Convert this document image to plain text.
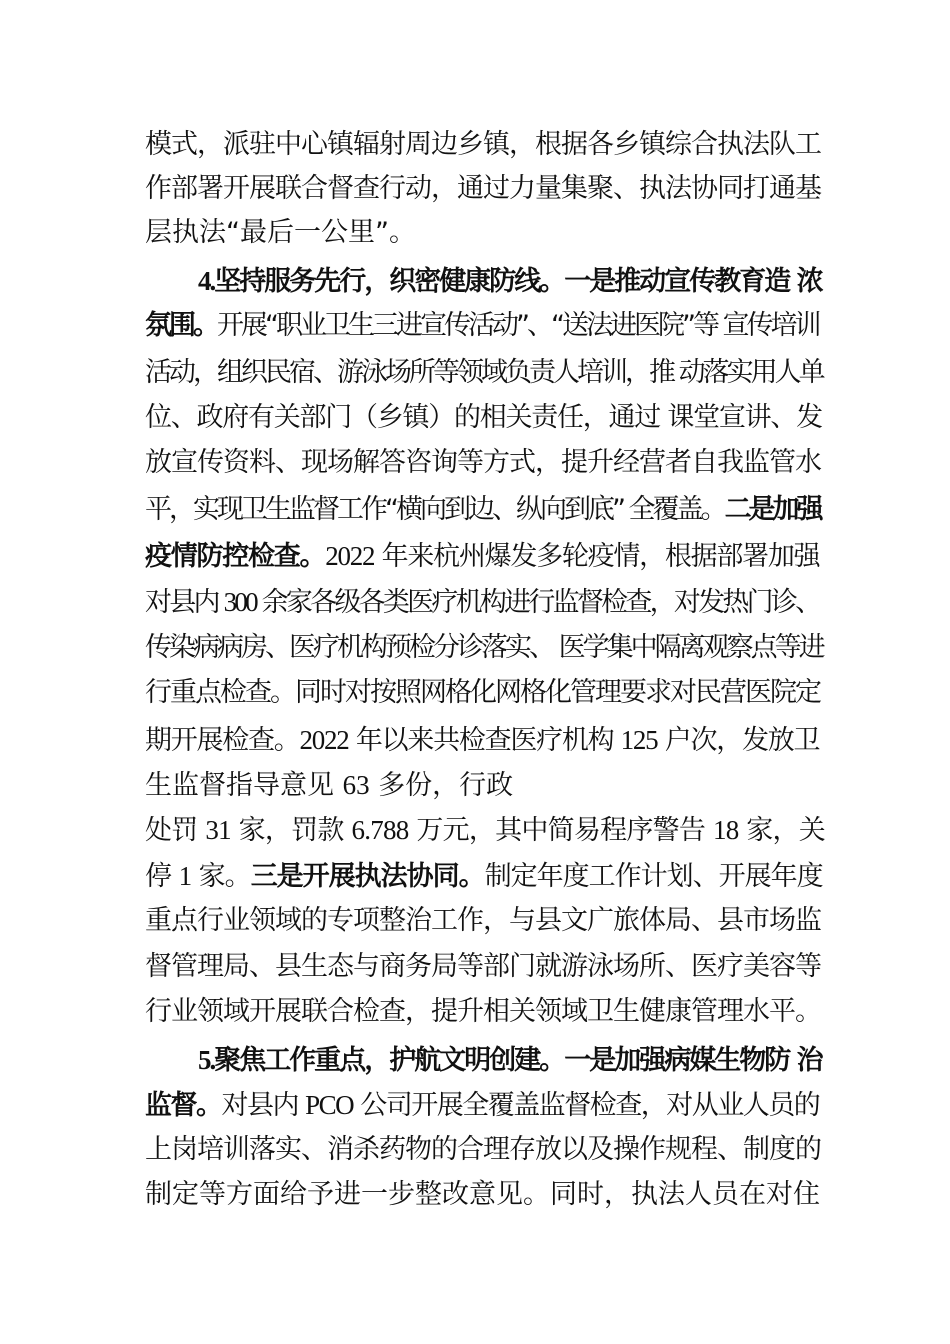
模式，派驻中心镇辐射周边乡镇，根据各乡镇综合执法队工
作部署开展联合督查行动，通过力量集聚、执法协同打通基
层执法“最后一公里”。
4.坚持服务先行，织密健康防线。一是推动宣传教育造 浓
氛围。开展“职业卫生三进宣传活动”、“送法进医院”等 宣传培训
活动，组织民宿、游泳场所等领域负责人培训，推 动落实用人单
位、政府有关部门（乡镇）的相关责任，通过 课堂宣讲、发
放宣传资料、现场解答咨询等方式，提升经营者自我监管水
平，实现卫生监督工作“横向到边、纵向到底” 全覆盖。二是加强
疫情防控检查。2022 年来杭州爆发多轮疫情，根据部署加强
对县内 300 余家各级各类医疗机构进行监督检查，对发热门诊、
传染病病房、医疗机构预检分诊落实、 医学集中隔离观察点等进
行重点检查。同时对按照网格化网格化管理要求对民营医院定
期开展检查。2022 年以来共检查医疗机构 125 户次，发放卫
生监督指导意见 63 多份，行政
处罚 31 家，罚款 6.788 万元，其中简易程序警告 18 家，关
停 1 家。三是开展执法协同。制定年度工作计划、开展年度
重点行业领域的专项整治工作，与县文广旅体局、县市场监
督管理局、县生态与商务局等部门就游泳场所、医疗美容等
行业领域开展联合检查，提升相关领域卫生健康管理水平。
5.聚焦工作重点，护航文明创建。一是加强病媒生物防 治
监督。对县内 PCO 公司开展全覆盖监督检查，对从业人员的
上岗培训落实、消杀药物的合理存放以及操作规程、制度的
制定等方面给予进一步整改意见。同时，执法人员在对住
